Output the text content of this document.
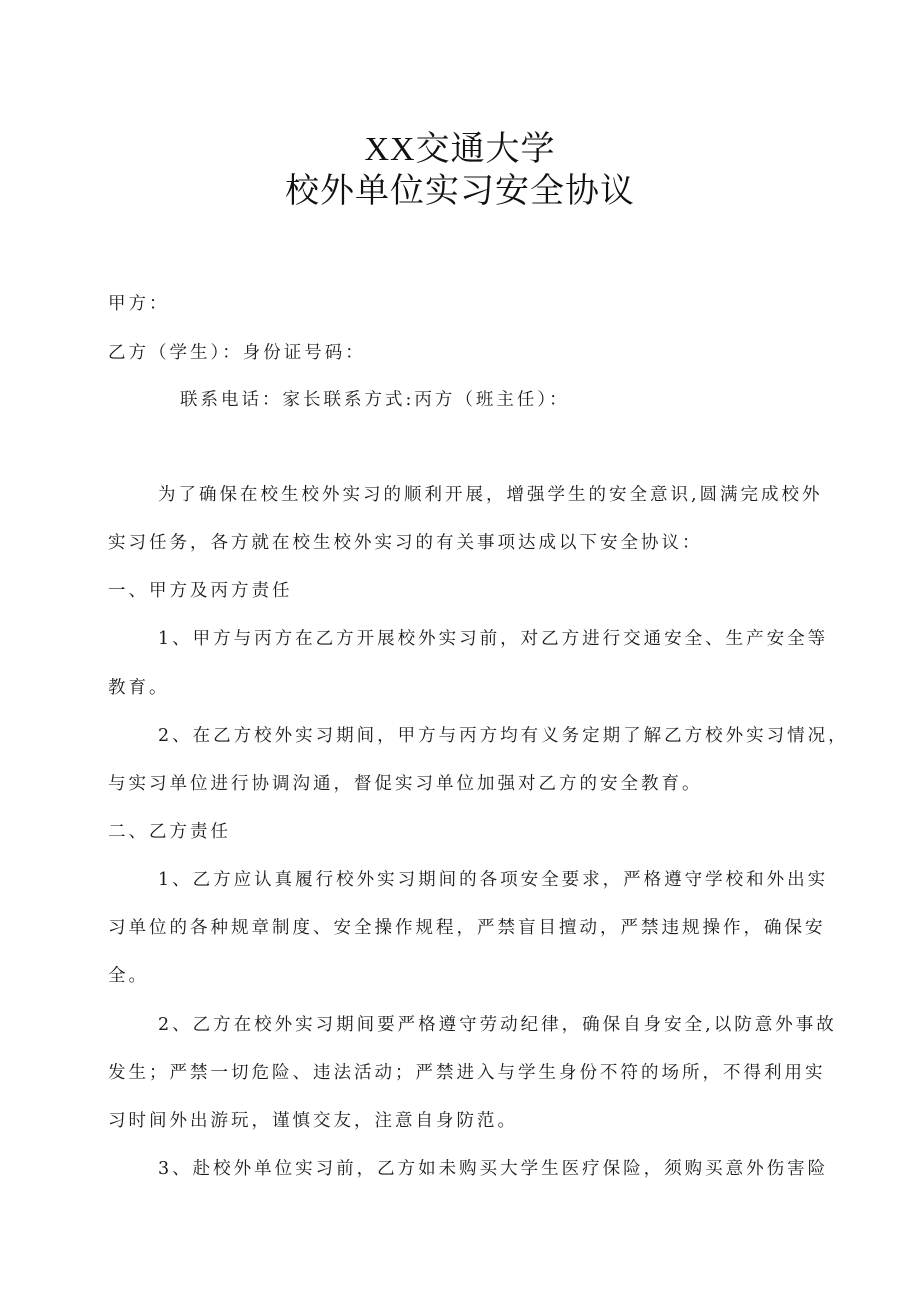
XX交通大学
校外单位实习安全协议
甲方：
乙方（学生）：身份证号码：
联系电话：家长联系方式:丙方（班主任）：
为了确保在校生校外实习的顺利开展，增强学生的安全意识,圆满完成校外
实习任务，各方就在校生校外实习的有关事项达成以下安全协议：
一、甲方及丙方责任
1、甲方与丙方在乙方开展校外实习前，对乙方进行交通安全、生产安全等
教育。
2、在乙方校外实习期间，甲方与丙方均有义务定期了解乙方校外实习情况，
与实习单位进行协调沟通，督促实习单位加强对乙方的安全教育。
二、乙方责任
1、乙方应认真履行校外实习期间的各项安全要求，严格遵守学校和外出实
习单位的各种规章制度、安全操作规程，严禁盲目擅动，严禁违规操作，确保安
全。
2、乙方在校外实习期间要严格遵守劳动纪律，确保自身安全,以防意外事故
发生；严禁一切危险、违法活动；严禁进入与学生身份不符的场所，不得利用实
习时间外出游玩，谨慎交友，注意自身防范。
3、赴校外单位实习前，乙方如未购买大学生医疗保险，须购买意外伤害险
